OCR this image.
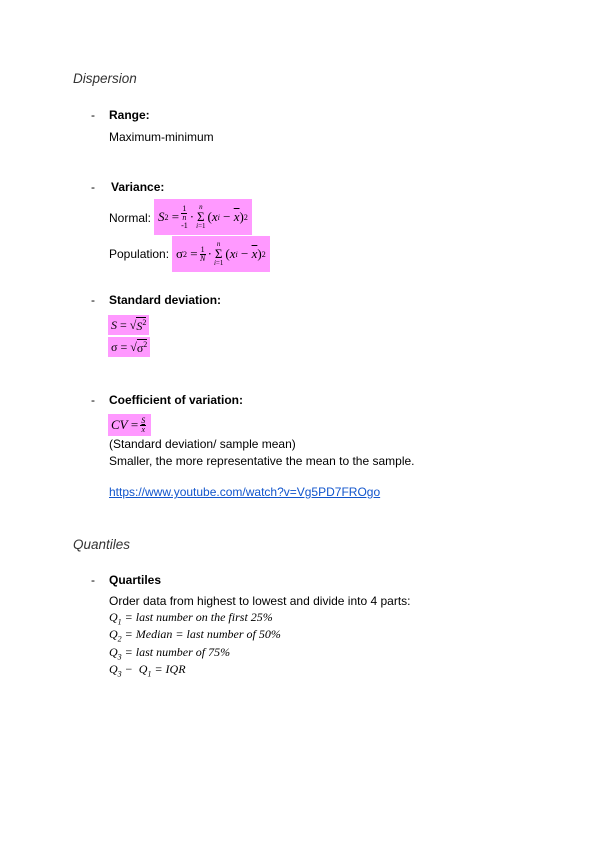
Dispersion
- Range:
Maximum-minimum
- Variance:
Normal: S 2 =
1
n
-1
·
n
Σ
i=1
( x $i - \overline{x}$ ) 2
Population: σ $2 = \frac{1}{N}$ ·
n
Σ
i=1
( x $i - \overline{x}$ ) 2
- Standard deviation:
S = √ $S^2$
σ = √ $\sigma^2$
- Coefficient of variation:
CV = $\frac{S}{x}$
(Standard deviation/ sample mean)
Smaller, the more representative the mean to the sample.
https://www.youtube.com/watch?v=Vg5PD7FROgo
Quantiles
- Quartiles
Order data from highest to lowest and divide into 4 parts:
$Q_1$ = last number on the first 25%
$Q_2$ = Median = last number of 50%
$Q_3$ = last number of 75%
$Q_3 - Q_1$ = IQR
